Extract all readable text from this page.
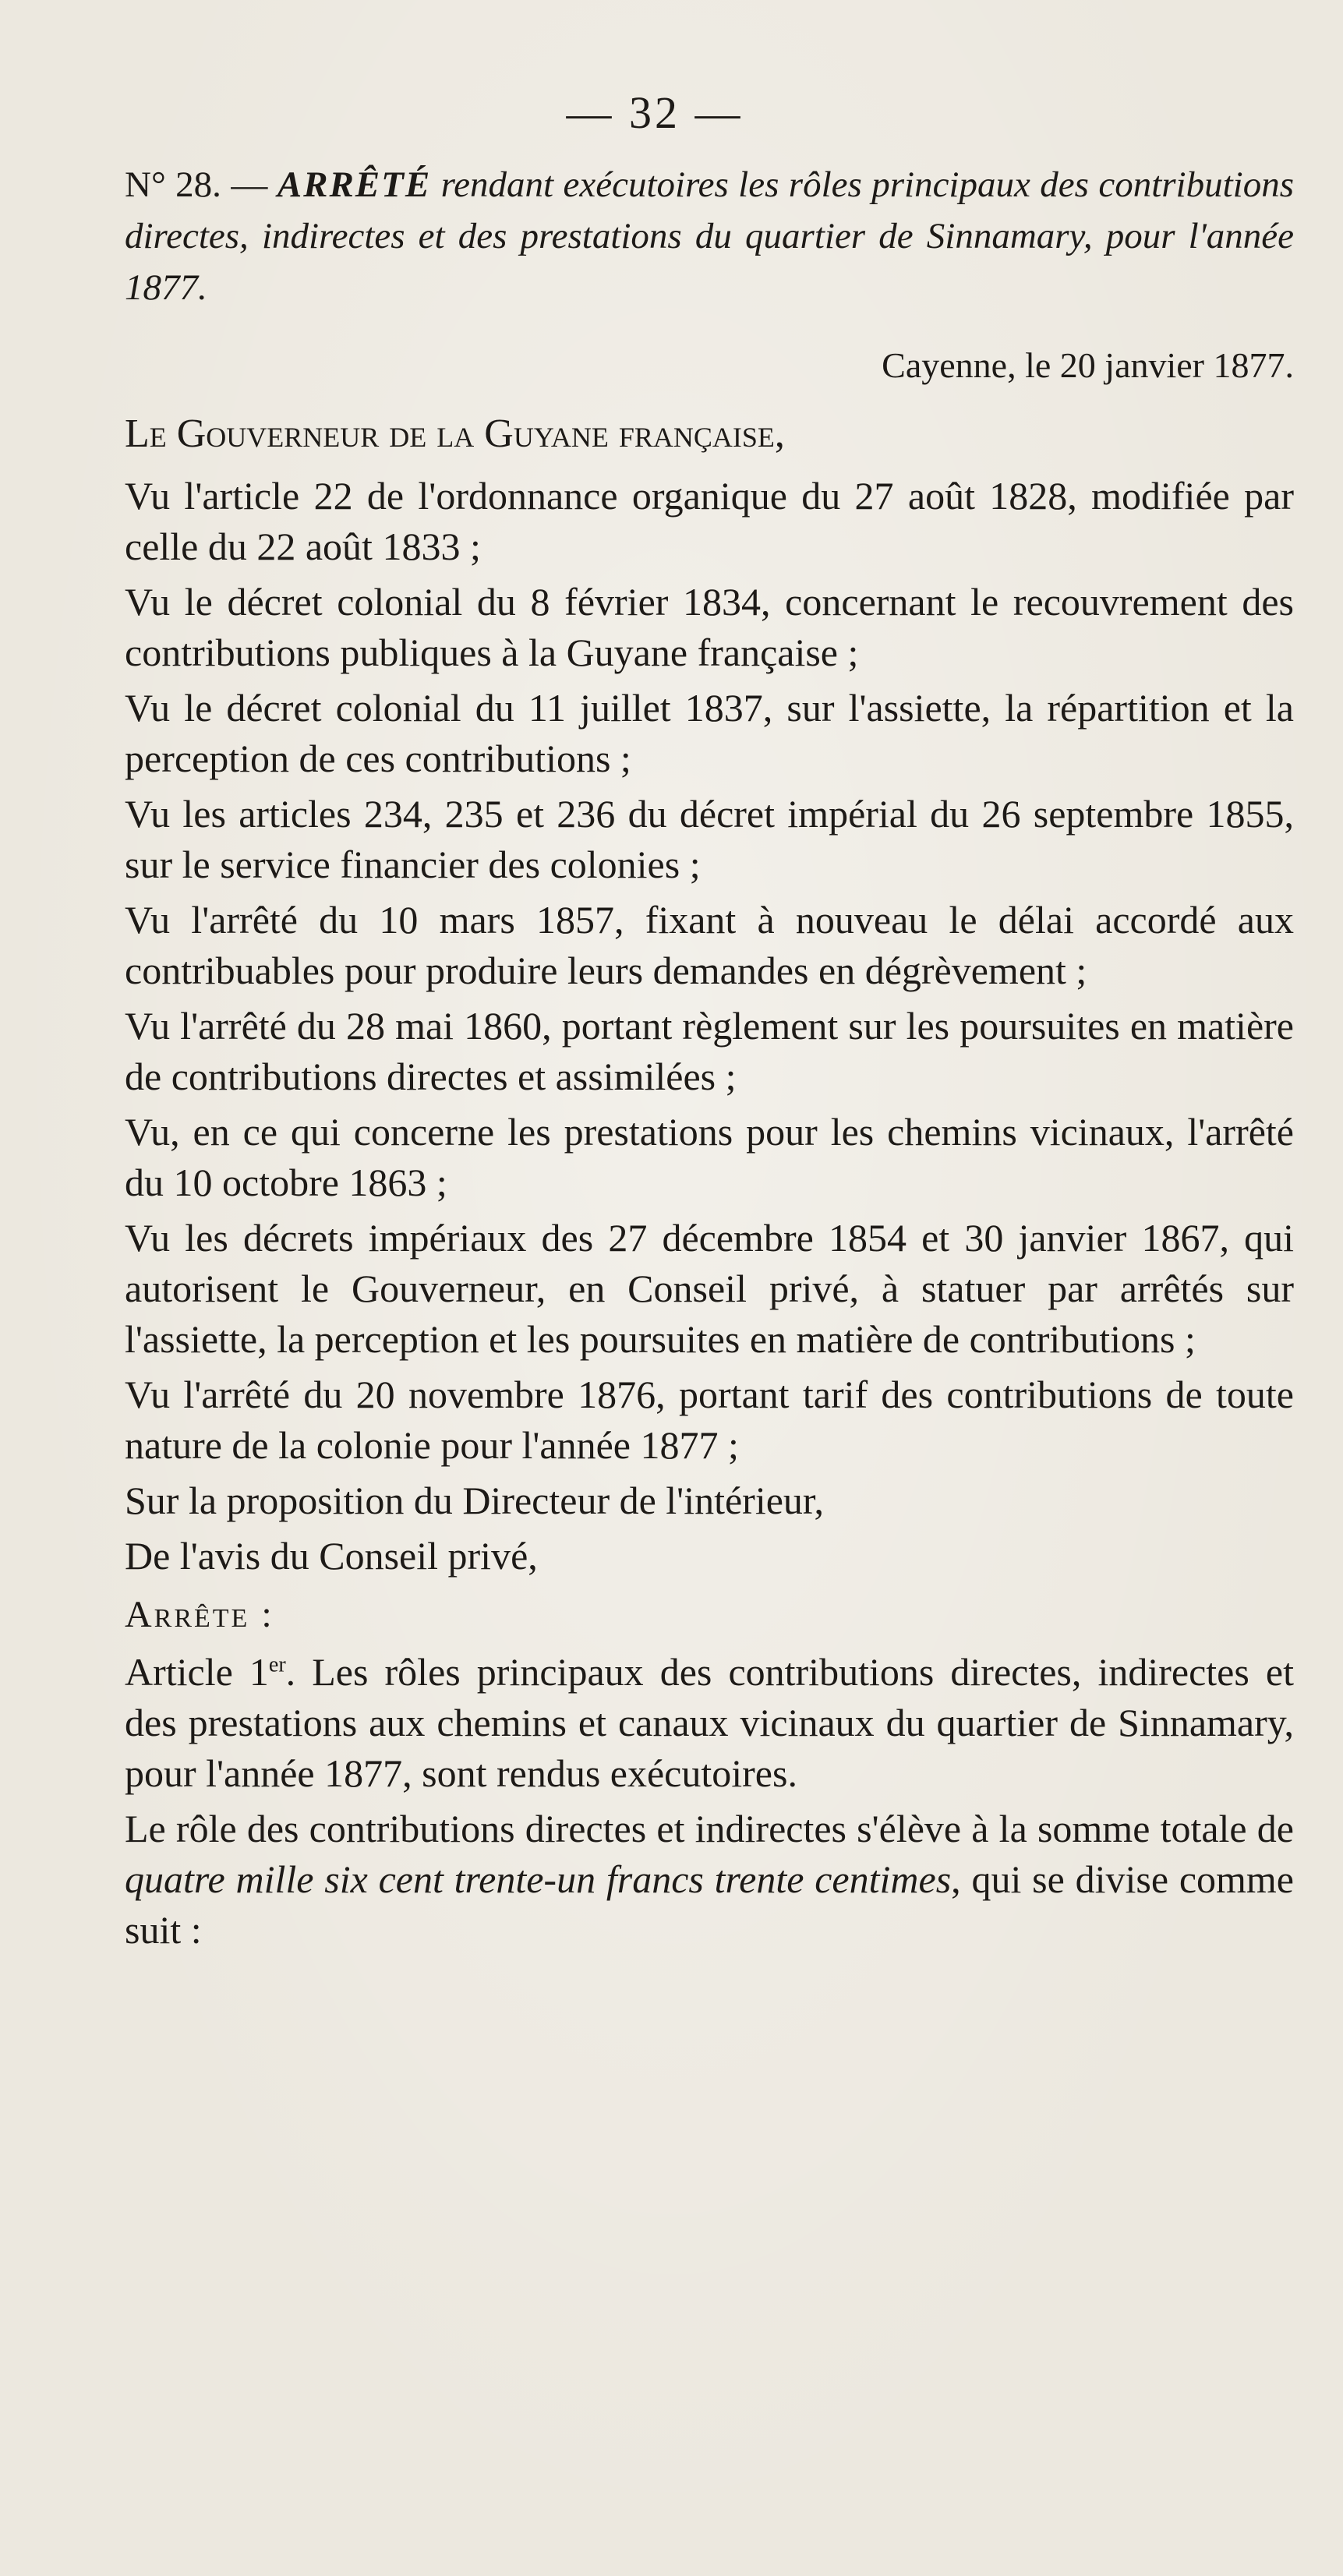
— 32 —

N° 28. — ARRÊTÉ rendant exécutoires les rôles principaux des contributions directes, indirectes et des prestations du quartier de Sinnamary, pour l'année 1877.

Cayenne, le 20 janvier 1877.
Le Gouverneur de la Guyane française,

Vu l'article 22 de l'ordonnance organique du 27 août 1828, modifiée par celle du 22 août 1833 ;

Vu le décret colonial du 8 février 1834, concernant le recouvrement des contributions publiques à la Guyane française ;

Vu le décret colonial du 11 juillet 1837, sur l'assiette, la répartition et la perception de ces contributions ;

Vu les articles 234, 235 et 236 du décret impérial du 26 septembre 1855, sur le service financier des colonies ;

Vu l'arrêté du 10 mars 1857, fixant à nouveau le délai accordé aux contribuables pour produire leurs demandes en dégrèvement ;

Vu l'arrêté du 28 mai 1860, portant règlement sur les poursuites en matière de contributions directes et assimilées ;

Vu, en ce qui concerne les prestations pour les chemins vicinaux, l'arrêté du 10 octobre 1863 ;

Vu les décrets impériaux des 27 décembre 1854 et 30 janvier 1867, qui autorisent le Gouverneur, en Conseil privé, à statuer par arrêtés sur l'assiette, la perception et les poursuites en matière de contributions ;

Vu l'arrêté du 20 novembre 1876, portant tarif des contributions de toute nature de la colonie pour l'année 1877 ;

Sur la proposition du Directeur de l'intérieur,

De l'avis du Conseil privé,

Arrête :

Article 1er. Les rôles principaux des contributions directes, indirectes et des prestations aux chemins et canaux vicinaux du quartier de Sinnamary, pour l'année 1877, sont rendus exécutoires.

Le rôle des contributions directes et indirectes s'élève à la somme totale de quatre mille six cent trente-un francs trente centimes, qui se divise comme suit :
